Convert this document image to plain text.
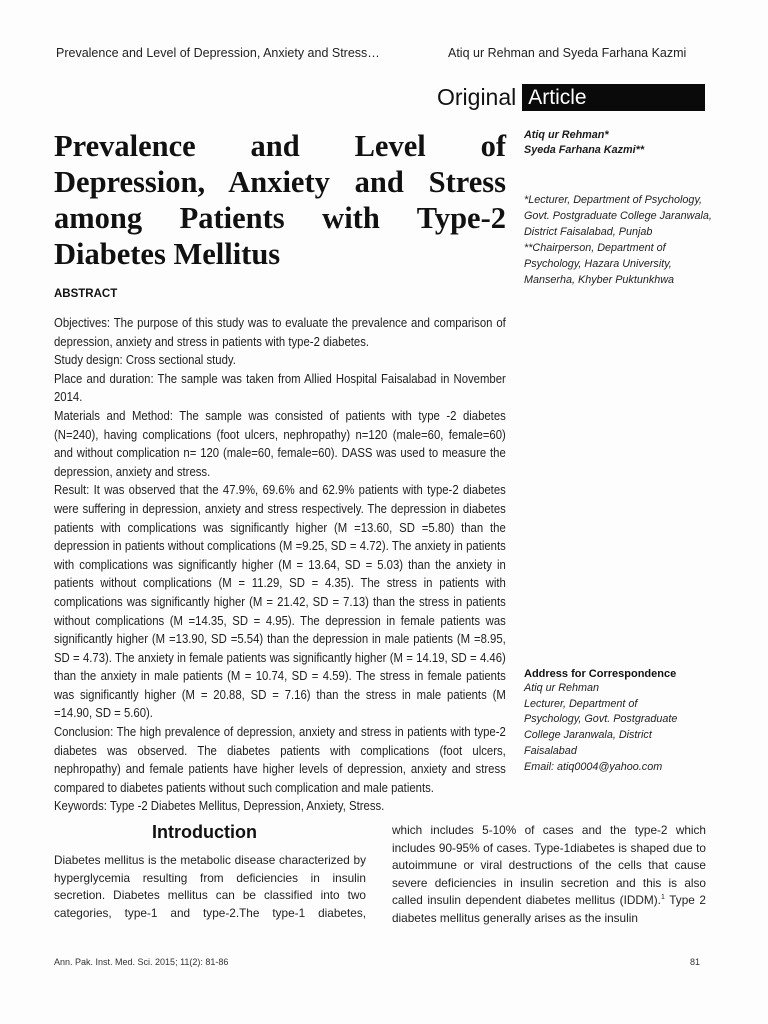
Prevalence and Level of Depression, Anxiety and Stress…	Atiq ur Rehman and Syeda Farhana Kazmi
Original Article
Prevalence and Level of Depression, Anxiety and Stress among Patients with Type-2 Diabetes Mellitus
Atiq ur Rehman*
Syeda Farhana Kazmi**
*Lecturer, Department of Psychology, Govt. Postgraduate College Jaranwala, District Faisalabad, Punjab
**Chairperson, Department of Psychology, Hazara University, Manserha, Khyber Puktunkhwa
ABSTRACT

Objectives: The purpose of this study was to evaluate the prevalence and comparison of depression, anxiety and stress in patients with type-2 diabetes.

Study design: Cross sectional study.

Place and duration: The sample was taken from Allied Hospital Faisalabad in November 2014.

Materials and Method: The sample was consisted of patients with type -2 diabetes (N=240), having complications (foot ulcers, nephropathy) n=120 (male=60, female=60) and without complication n= 120 (male=60, female=60). DASS was used to measure the depression, anxiety and stress.

Result: It was observed that the 47.9%, 69.6% and 62.9% patients with type-2 diabetes were suffering in depression, anxiety and stress respectively. The depression in diabetes patients with complications was significantly higher (M =13.60, SD =5.80) than the depression in patients without complications (M =9.25, SD = 4.72). The anxiety in patients with complications was significantly higher (M = 13.64, SD = 5.03) than the anxiety in patients without complications (M = 11.29, SD = 4.35). The stress in patients with complications was significantly higher (M = 21.42, SD = 7.13) than the stress in patients without complications (M =14.35, SD = 4.95). The depression in female patients was significantly higher (M =13.90, SD =5.54) than the depression in male patients (M =8.95, SD = 4.73). The anxiety in female patients was significantly higher (M = 14.19, SD = 4.46) than the anxiety in male patients (M = 10.74, SD = 4.59). The stress in female patients was significantly higher (M = 20.88, SD = 7.16) than the stress in male patients (M =14.90, SD = 5.60).

Conclusion: The high prevalence of depression, anxiety and stress in patients with type-2 diabetes was observed. The diabetes patients with complications (foot ulcers, nephropathy) and female patients have higher levels of depression, anxiety and stress compared to diabetes patients without such complication and male patients.

Keywords: Type -2 Diabetes Mellitus, Depression, Anxiety, Stress.

Address for Correspondence
Atiq ur Rehman
Lecturer, Department of
Psychology, Govt. Postgraduate
College Jaranwala, District
Faisalabad
Email: atiq0004@yahoo.com
Introduction
Diabetes mellitus is the metabolic disease characterized by hyperglycemia resulting from deficiencies in insulin secretion. Diabetes mellitus can be classified into two categories, type-1 and type-2.The type-1 diabetes,
which includes 5-10% of cases and the type-2 which includes 90-95% of cases. Type-1diabetes is shaped due to autoimmune or viral destructions of the cells that cause severe deficiencies in insulin secretion and this is also called insulin dependent diabetes mellitus (IDDM).$^1$ Type 2 diabetes mellitus generally arises as the insulin
Ann. Pak. Inst. Med. Sci. 2015; 11(2): 81-86	81
